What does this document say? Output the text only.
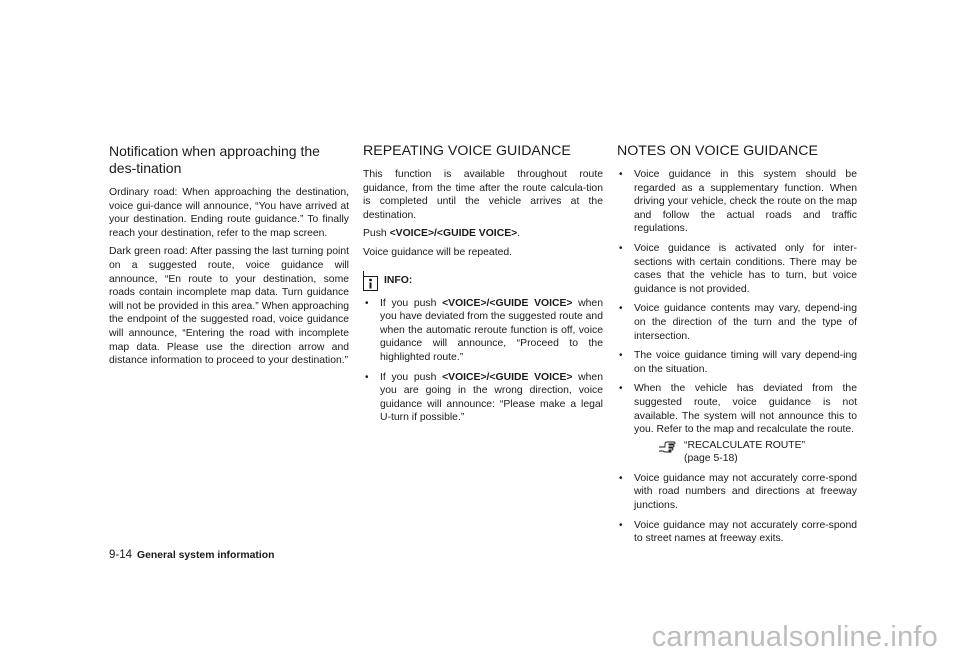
Notification when approaching the des-tination

Ordinary road: When approaching the destination, voice gui-dance will announce, “You have arrived at your destination. Ending route guidance.” To finally reach your destination, refer to the map screen.

Dark green road: After passing the last turning point on a suggested route, voice guidance will announce, “En route to your destination, some roads contain incomplete map data. Turn guidance will not be provided in this area.” When approaching the endpoint of the suggested road, voice guidance will announce, “Entering the road with incomplete map data. Please use the direction arrow and distance information to proceed to your destination.”

REPEATING VOICE GUIDANCE

This function is available throughout route guidance, from the time after the route calcula-tion is completed until the vehicle arrives at the destination.

Push <VOICE>/<GUIDE VOICE>.

Voice guidance will be repeated.

INFO:
• If you push <VOICE>/<GUIDE VOICE> when you have deviated from the suggested route and when the automatic reroute function is off, voice guidance will announce, “Proceed to the highlighted route.”
• If you push <VOICE>/<GUIDE VOICE> when you are going in the wrong direction, voice guidance will announce: “Please make a legal U-turn if possible.”
NOTES ON VOICE GUIDANCE
• Voice guidance in this system should be regarded as a supplementary function. When driving your vehicle, check the route on the map and follow the actual roads and traffic regulations.
• Voice guidance is activated only for inter-sections with certain conditions. There may be cases that the vehicle has to turn, but voice guidance is not provided.
• Voice guidance contents may vary, depend-ing on the direction of the turn and the type of intersection.
• The voice guidance timing will vary depend-ing on the situation.
• When the vehicle has deviated from the suggested route, voice guidance is not available. The system will not announce this to you. Refer to the map and recalculate the route.
“RECALCULATE ROUTE”
(page 5-18)
• Voice guidance may not accurately corre-spond with road numbers and directions at freeway junctions.
• Voice guidance may not accurately corre-spond to street names at freeway exits.
9-14 General system information
carmanualsonline.info
